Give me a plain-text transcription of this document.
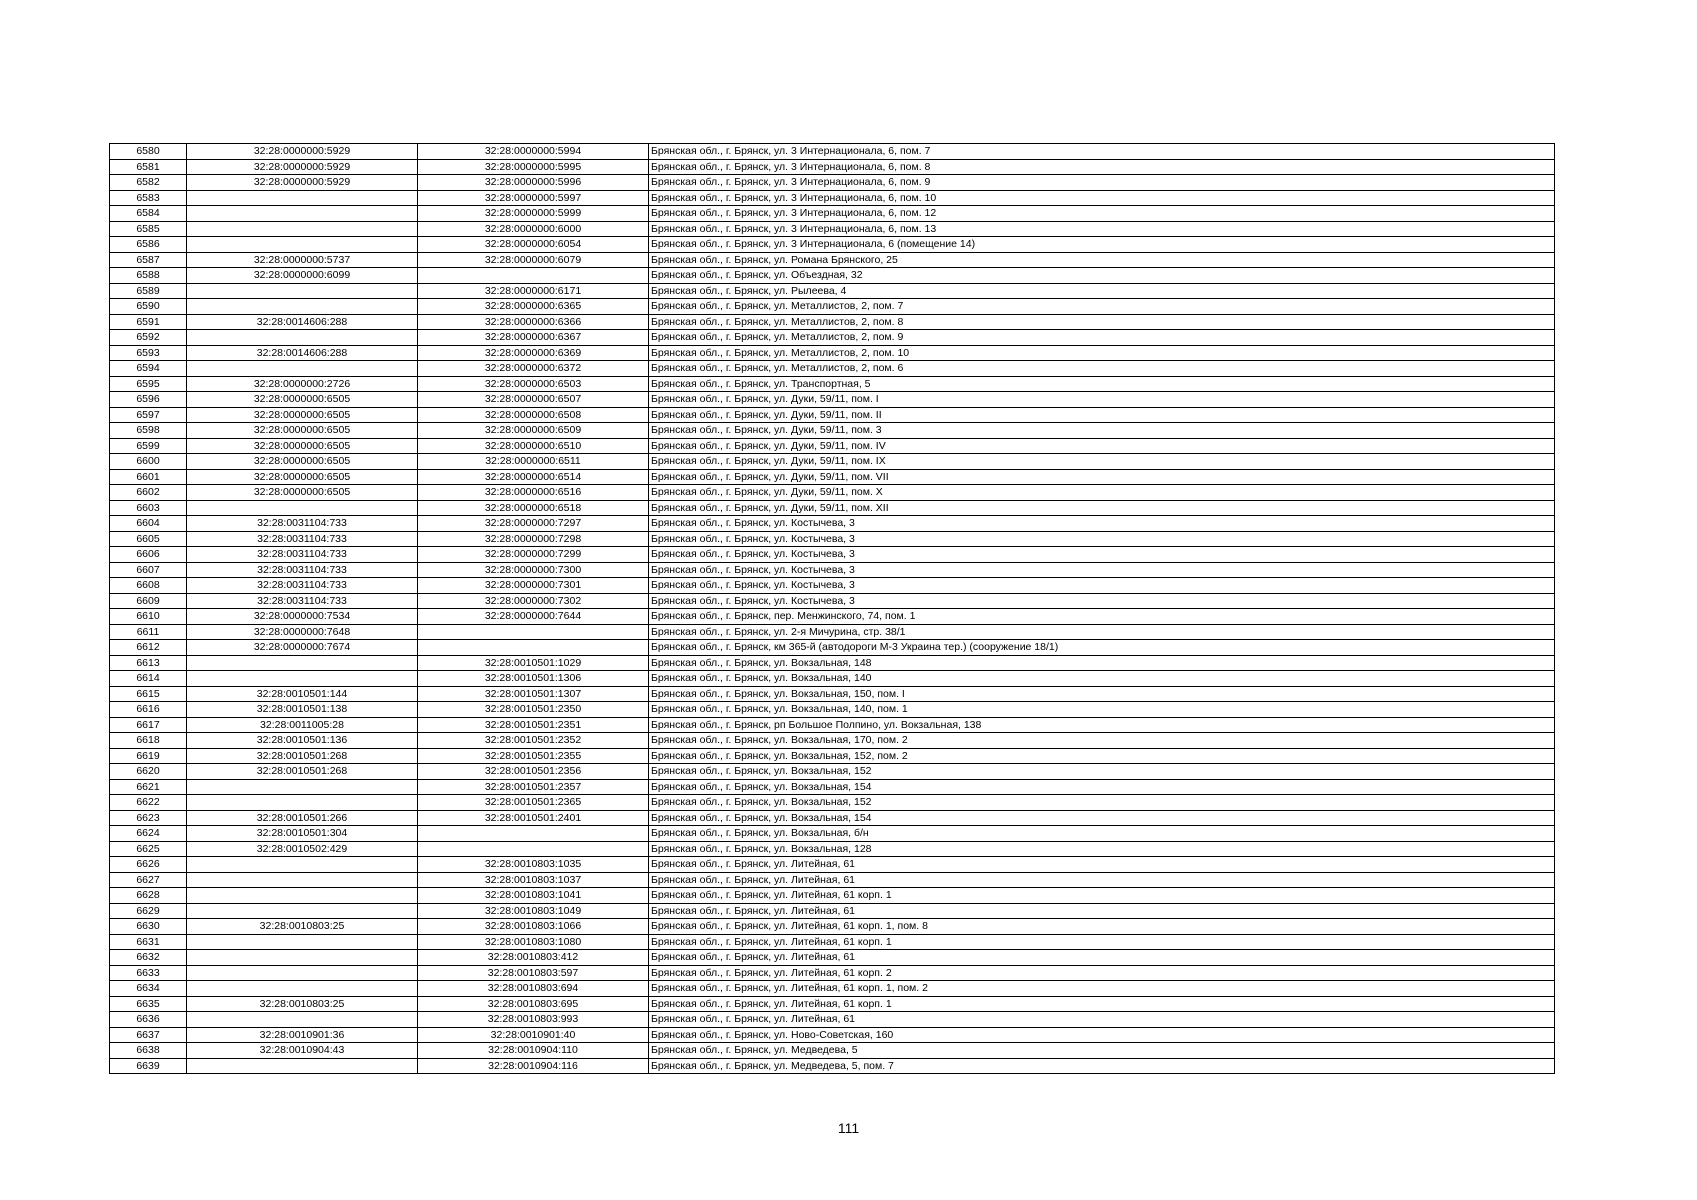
6580	32:28:0000000:5929	32:28:0000000:5994	Брянская обл., г. Брянск, ул. 3 Интернационала, 6, пом. 7
6581	32:28:0000000:5929	32:28:0000000:5995	Брянская обл., г. Брянск, ул. 3 Интернационала, 6, пом. 8
6582	32:28:0000000:5929	32:28:0000000:5996	Брянская обл., г. Брянск, ул. 3 Интернационала, 6, пом. 9
6583		32:28:0000000:5997	Брянская обл., г. Брянск, ул. 3 Интернационала, 6, пом. 10
6584		32:28:0000000:5999	Брянская обл., г. Брянск, ул. 3 Интернационала, 6, пом. 12
6585		32:28:0000000:6000	Брянская обл., г. Брянск, ул. 3 Интернационала, 6, пом. 13
6586		32:28:0000000:6054	Брянская обл., г. Брянск, ул. 3 Интернационала, 6 (помещение 14)
6587	32:28:0000000:5737	32:28:0000000:6079	Брянская обл., г. Брянск, ул. Романа Брянского, 25
6588	32:28:0000000:6099		Брянская обл., г. Брянск, ул. Объездная, 32
6589		32:28:0000000:6171	Брянская обл., г. Брянск, ул. Рылеева, 4
6590		32:28:0000000:6365	Брянская обл., г. Брянск, ул. Металлистов, 2, пом. 7
6591	32:28:0014606:288	32:28:0000000:6366	Брянская обл., г. Брянск, ул. Металлистов, 2, пом. 8
6592		32:28:0000000:6367	Брянская обл., г. Брянск, ул. Металлистов, 2, пом. 9
6593	32:28:0014606:288	32:28:0000000:6369	Брянская обл., г. Брянск, ул. Металлистов, 2, пом. 10
6594		32:28:0000000:6372	Брянская обл., г. Брянск, ул. Металлистов, 2, пом. 6
6595	32:28:0000000:2726	32:28:0000000:6503	Брянская обл., г. Брянск, ул. Транспортная, 5
6596	32:28:0000000:6505	32:28:0000000:6507	Брянская обл., г. Брянск, ул. Дуки, 59/11, пом. I
6597	32:28:0000000:6505	32:28:0000000:6508	Брянская обл., г. Брянск, ул. Дуки, 59/11, пом. II
6598	32:28:0000000:6505	32:28:0000000:6509	Брянская обл., г. Брянск, ул. Дуки, 59/11, пом. 3
6599	32:28:0000000:6505	32:28:0000000:6510	Брянская обл., г. Брянск, ул. Дуки, 59/11, пом. IV
6600	32:28:0000000:6505	32:28:0000000:6511	Брянская обл., г. Брянск, ул. Дуки, 59/11, пом. IX
6601	32:28:0000000:6505	32:28:0000000:6514	Брянская обл., г. Брянск, ул. Дуки, 59/11, пом. VII
6602	32:28:0000000:6505	32:28:0000000:6516	Брянская обл., г. Брянск, ул. Дуки, 59/11, пом. X
6603		32:28:0000000:6518	Брянская обл., г. Брянск, ул. Дуки, 59/11, пом. XII
6604	32:28:0031104:733	32:28:0000000:7297	Брянская обл., г. Брянск, ул. Костычева, 3
6605	32:28:0031104:733	32:28:0000000:7298	Брянская обл., г. Брянск, ул. Костычева, 3
6606	32:28:0031104:733	32:28:0000000:7299	Брянская обл., г. Брянск, ул. Костычева, 3
6607	32:28:0031104:733	32:28:0000000:7300	Брянская обл., г. Брянск, ул. Костычева, 3
6608	32:28:0031104:733	32:28:0000000:7301	Брянская обл., г. Брянск, ул. Костычева, 3
6609	32:28:0031104:733	32:28:0000000:7302	Брянская обл., г. Брянск, ул. Костычева, 3
6610	32:28:0000000:7534	32:28:0000000:7644	Брянская обл., г. Брянск, пер. Менжинского, 74, пом. 1
6611	32:28:0000000:7648		Брянская обл., г. Брянск, ул. 2-я Мичурина, стр. 38/1
6612	32:28:0000000:7674		Брянская обл., г. Брянск, км 365-й (автодороги М-3 Украина тер.) (сооружение 18/1)
6613		32:28:0010501:1029	Брянская обл., г. Брянск, ул. Вокзальная, 148
6614		32:28:0010501:1306	Брянская обл., г. Брянск, ул. Вокзальная, 140
6615	32:28:0010501:144	32:28:0010501:1307	Брянская обл., г. Брянск, ул. Вокзальная, 150, пом. I
6616	32:28:0010501:138	32:28:0010501:2350	Брянская обл., г. Брянск, ул. Вокзальная, 140, пом. 1
6617	32:28:0011005:28	32:28:0010501:2351	Брянская обл., г. Брянск, рп Большое Полпино, ул. Вокзальная, 138
6618	32:28:0010501:136	32:28:0010501:2352	Брянская обл., г. Брянск, ул. Вокзальная, 170, пом. 2
6619	32:28:0010501:268	32:28:0010501:2355	Брянская обл., г. Брянск, ул. Вокзальная, 152, пом. 2
6620	32:28:0010501:268	32:28:0010501:2356	Брянская обл., г. Брянск, ул. Вокзальная, 152
6621		32:28:0010501:2357	Брянская обл., г. Брянск, ул. Вокзальная, 154
6622		32:28:0010501:2365	Брянская обл., г. Брянск, ул. Вокзальная, 152
6623	32:28:0010501:266	32:28:0010501:2401	Брянская обл., г. Брянск, ул. Вокзальная, 154
6624	32:28:0010501:304		Брянская обл., г. Брянск, ул. Вокзальная, б/н
6625	32:28:0010502:429		Брянская обл., г. Брянск, ул. Вокзальная, 128
6626		32:28:0010803:1035	Брянская обл., г. Брянск, ул. Литейная, 61
6627		32:28:0010803:1037	Брянская обл., г. Брянск, ул. Литейная, 61
6628		32:28:0010803:1041	Брянская обл., г. Брянск, ул. Литейная, 61 корп. 1
6629		32:28:0010803:1049	Брянская обл., г. Брянск, ул. Литейная, 61
6630	32:28:0010803:25	32:28:0010803:1066	Брянская обл., г. Брянск, ул. Литейная, 61 корп. 1, пом. 8
6631		32:28:0010803:1080	Брянская обл., г. Брянск, ул. Литейная, 61 корп. 1
6632		32:28:0010803:412	Брянская обл., г. Брянск, ул. Литейная, 61
6633		32:28:0010803:597	Брянская обл., г. Брянск, ул. Литейная, 61 корп. 2
6634		32:28:0010803:694	Брянская обл., г. Брянск, ул. Литейная, 61 корп. 1, пом. 2
6635	32:28:0010803:25	32:28:0010803:695	Брянская обл., г. Брянск, ул. Литейная, 61 корп. 1
6636		32:28:0010803:993	Брянская обл., г. Брянск, ул. Литейная, 61
6637	32:28:0010901:36	32:28:0010901:40	Брянская обл., г. Брянск, ул. Ново-Советская, 160
6638	32:28:0010904:43	32:28:0010904:110	Брянская обл., г. Брянск, ул. Медведева, 5
6639		32:28:0010904:116	Брянская обл., г. Брянск, ул. Медведева, 5, пом. 7
111
